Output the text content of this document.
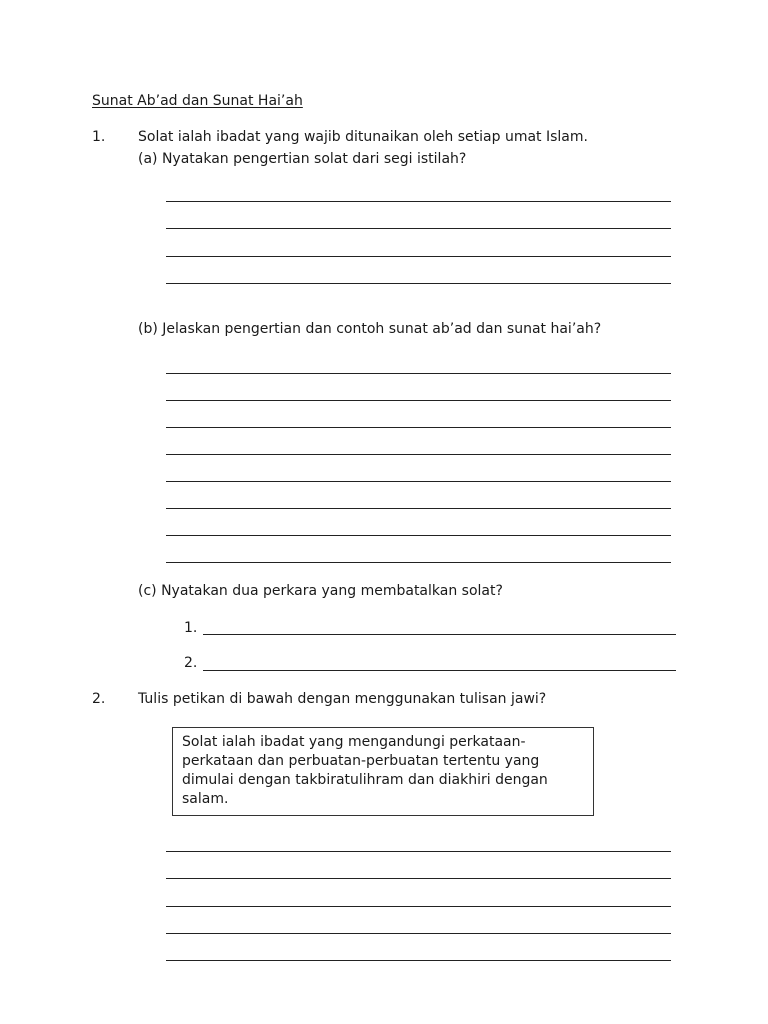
Sunat Ab’ad dan Sunat Hai’ah
1. Solat ialah ibadat yang wajib ditunaikan oleh setiap umat Islam.
(a) Nyatakan pengertian solat dari segi istilah?
(b) Jelaskan pengertian dan contoh sunat ab’ad dan sunat hai’ah?
(c) Nyatakan dua perkara yang membatalkan solat?
1.
2.
2. Tulis petikan di bawah dengan menggunakan tulisan jawi?
Solat ialah ibadat yang mengandungi perkataan-perkataan dan perbuatan-perbuatan tertentu yang dimulai dengan takbiratulihram dan diakhiri dengan salam.
